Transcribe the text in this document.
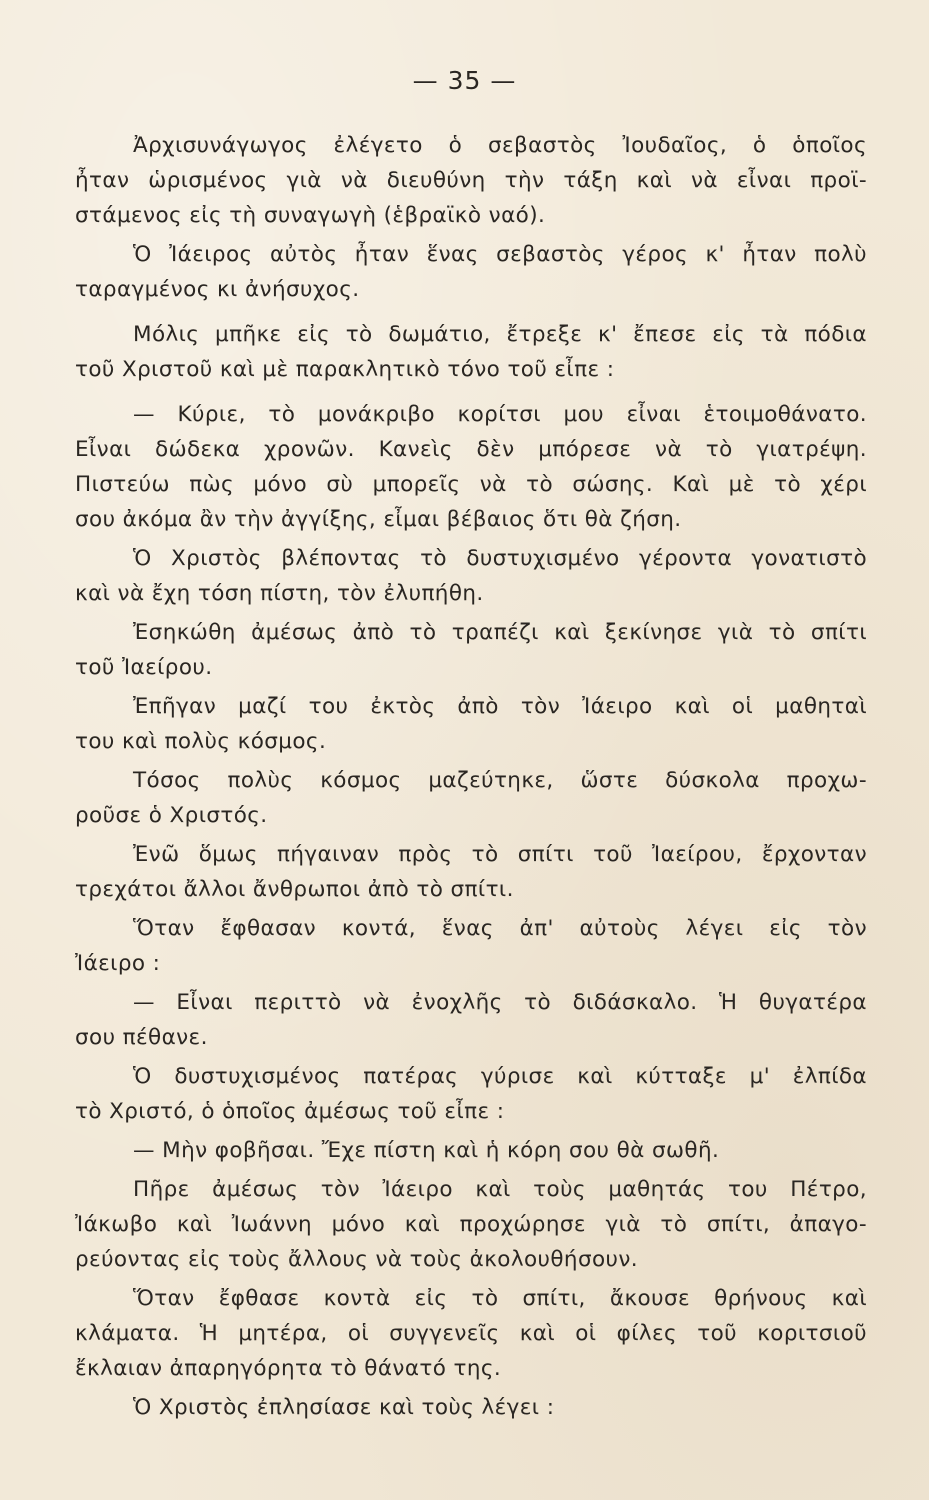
— 35 —

Ἀρχισυνάγωγος ἐλέγετο ὁ σεβαστὸς Ἰουδαῖος, ὁ ὁποῖος
ἦταν ὡρισμένος γιὰ νὰ διευθύνη τὴν τάξη καὶ νὰ εἶναι προϊ-
στάμενος εἰς τὴ συναγωγὴ (ἑβραϊκὸ ναό).

Ὁ Ἰάειρος αὐτὸς ἦταν ἕνας σεβαστὸς γέρος κ' ἦταν πολὺ
ταραγμένος κι ἀνήσυχος.

Μόλις μπῆκε εἰς τὸ δωμάτιο, ἔτρεξε κ' ἔπεσε εἰς τὰ πόδια
τοῦ Χριστοῦ καὶ μὲ παρακλητικὸ τόνο τοῦ εἶπε :

— Κύριε, τὸ μονάκριβο κορίτσι μου εἶναι ἑτοιμοθάνατο.
Εἶναι δώδεκα χρονῶν. Κανεὶς δὲν μπόρεσε νὰ τὸ γιατρέψη.
Πιστεύω πὼς μόνο σὺ μπορεῖς νὰ τὸ σώσης. Καὶ μὲ τὸ χέρι
σου ἀκόμα ἂν τὴν ἀγγίξης, εἶμαι βέβαιος ὅτι θὰ ζήση.

Ὁ Χριστὸς βλέποντας τὸ δυστυχισμένο γέροντα γονατιστὸ
καὶ νὰ ἔχη τόση πίστη, τὸν ἐλυπήθη.

Ἐσηκώθη ἀμέσως ἀπὸ τὸ τραπέζι καὶ ξεκίνησε γιὰ τὸ σπίτι
τοῦ Ἰαείρου.

Ἐπῆγαν μαζί του ἐκτὸς ἀπὸ τὸν Ἰάειρο καὶ οἱ μαθηταὶ
του καὶ πολὺς κόσμος.

Τόσος πολὺς κόσμος μαζεύτηκε, ὥστε δύσκολα προχω-
ροῦσε ὁ Χριστός.

Ἐνῶ ὅμως πήγαιναν πρὸς τὸ σπίτι τοῦ Ἰαείρου, ἔρχονταν
τρεχάτοι ἄλλοι ἄνθρωποι ἀπὸ τὸ σπίτι.

Ὅταν ἔφθασαν κοντά, ἕνας ἀπ' αὐτοὺς λέγει εἰς τὸν
Ἰάειρο :

— Εἶναι περιττὸ νὰ ἐνοχλῆς τὸ διδάσκαλο. Ἡ θυγατέρα
σου πέθανε.

Ὁ δυστυχισμένος πατέρας γύρισε καὶ κύτταξε μ' ἐλπίδα
τὸ Χριστό, ὁ ὁποῖος ἀμέσως τοῦ εἶπε :

— Μὴν φοβῆσαι. Ἔχε πίστη καὶ ἡ κόρη σου θὰ σωθῆ.

Πῆρε ἀμέσως τὸν Ἰάειρο καὶ τοὺς μαθητάς του Πέτρο,
Ἰάκωβο καὶ Ἰωάννη μόνο καὶ προχώρησε γιὰ τὸ σπίτι, ἀπαγο-
ρεύοντας εἰς τοὺς ἄλλους νὰ τοὺς ἀκολουθήσουν.

Ὅταν ἔφθασε κοντὰ εἰς τὸ σπίτι, ἄκουσε θρήνους καὶ
κλάματα. Ἡ μητέρα, οἱ συγγενεῖς καὶ οἱ φίλες τοῦ κοριτσιοῦ
ἔκλαιαν ἀπαρηγόρητα τὸ θάνατό της.

Ὁ Χριστὸς ἐπλησίασε καὶ τοὺς λέγει :
